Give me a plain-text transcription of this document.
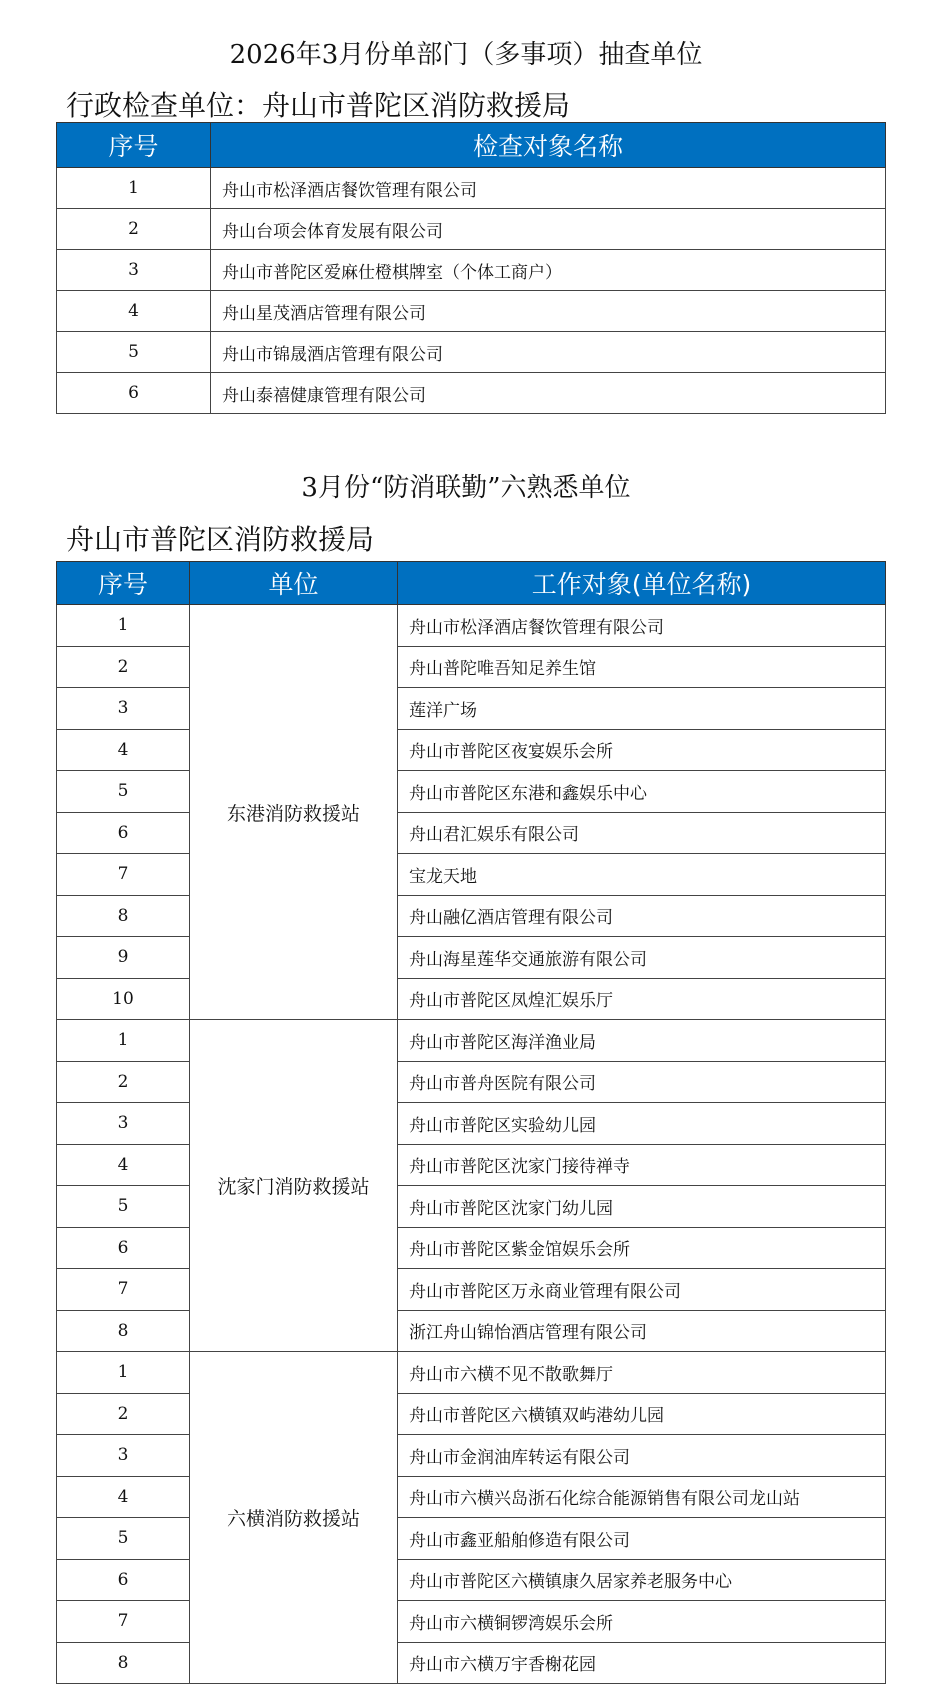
2026年3月份单部门（多事项）抽查单位
行政检查单位：舟山市普陀区消防救援局
序号	检查对象名称
1	舟山市松泽酒店餐饮管理有限公司
2	舟山台项会体育发展有限公司
3	舟山市普陀区爱麻仕橙棋牌室（个体工商户）
4	舟山星茂酒店管理有限公司
5	舟山市锦晟酒店管理有限公司
6	舟山泰禧健康管理有限公司
3月份“防消联勤”六熟悉单位
舟山市普陀区消防救援局
序号	单位	工作对象(单位名称)
1	东港消防救援站	舟山市松泽酒店餐饮管理有限公司
2		舟山普陀唯吾知足养生馆
3		莲洋广场
4		舟山市普陀区夜宴娱乐会所
5		舟山市普陀区东港和鑫娱乐中心
6		舟山君汇娱乐有限公司
7		宝龙天地
8		舟山融亿酒店管理有限公司
9		舟山海星莲华交通旅游有限公司
10		舟山市普陀区凤煌汇娱乐厅
1	沈家门消防救援站	舟山市普陀区海洋渔业局
2		舟山市普舟医院有限公司
3		舟山市普陀区实验幼儿园
4		舟山市普陀区沈家门接待禅寺
5		舟山市普陀区沈家门幼儿园
6		舟山市普陀区紫金馆娱乐会所
7		舟山市普陀区万永商业管理有限公司
8		浙江舟山锦怡酒店管理有限公司
1	六横消防救援站	舟山市六横不见不散歌舞厅
2		舟山市普陀区六横镇双屿港幼儿园
3		舟山市金润油库转运有限公司
4		舟山市六横兴岛浙石化综合能源销售有限公司龙山站
5		舟山市鑫亚船舶修造有限公司
6		舟山市普陀区六横镇康久居家养老服务中心
7		舟山市六横铜锣湾娱乐会所
8		舟山市六横万宇香榭花园
